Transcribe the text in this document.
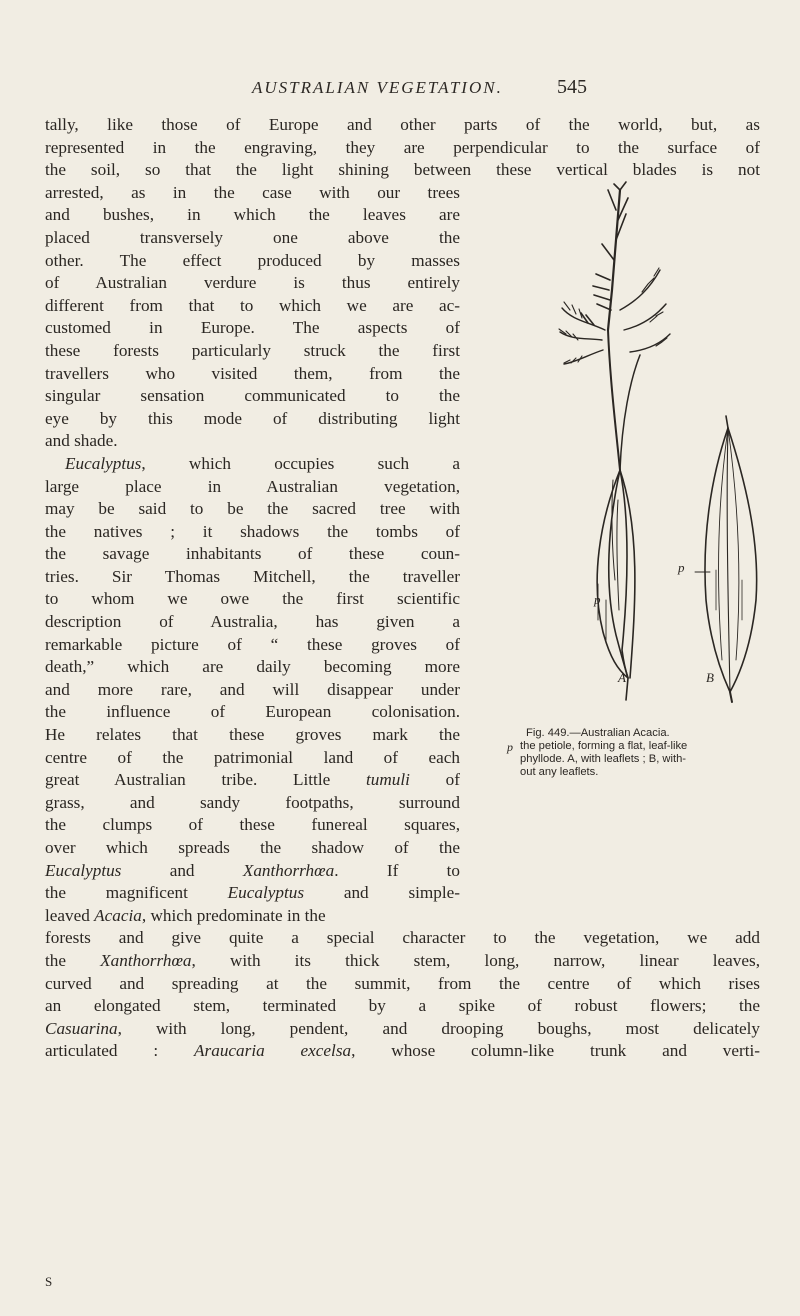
AUSTRALIAN VEGETATION.	545
tally, like those of Europe and other parts of the world, but, as
represented in the engraving, they are perpendicular to the surface of
the soil, so that the light shining between these vertical blades is not
arrested, as in the case with our trees
and bushes, in which the leaves are
placed transversely one above the
other. The effect produced by masses
of Australian verdure is thus entirely
different from that to which we are ac-
customed in Europe. The aspects of
these forests particularly struck the first
travellers who visited them, from the
singular sensation communicated to the
eye by this mode of distributing light
and shade.
Eucalyptus, which occupies such a
large place in Australian vegetation,
may be said to be the sacred tree with
the natives ; it shadows the tombs of
the savage inhabitants of these coun-
tries. Sir Thomas Mitchell, the traveller
to whom we owe the first scientific
description of Australia, has given a
remarkable picture of “ these groves of
death,” which are daily becoming more
and more rare, and will disappear under
the influence of European colonisation.
He relates that these groves mark the
centre of the patrimonial land of each
great Australian tribe. Little tumuli of
grass, and sandy footpaths, surround
the clumps of these funereal squares,
over which spreads the shadow of the
Eucalyptus and Xanthorrhœa. If to
the magnificent Eucalyptus and simple-
leaved Acacia, which predominate in the
forests and give quite a special character to the vegetation, we add
the Xanthorrhœa, with its thick stem, long, narrow, linear leaves,
curved and spreading at the summit, from the centre of which rises
an elongated stem, terminated by a spike of robust flowers; the
Casuarina, with long, pendent, and drooping boughs, most delicately
articulated : Araucaria excelsa, whose column-like trunk and verti-
p
p
A	B
p
Fig. 449.—Australian Acacia.
the petiole, forming a flat, leaf-like
phyllode. A, with leaflets ; B, with-
out any leaflets.
S
